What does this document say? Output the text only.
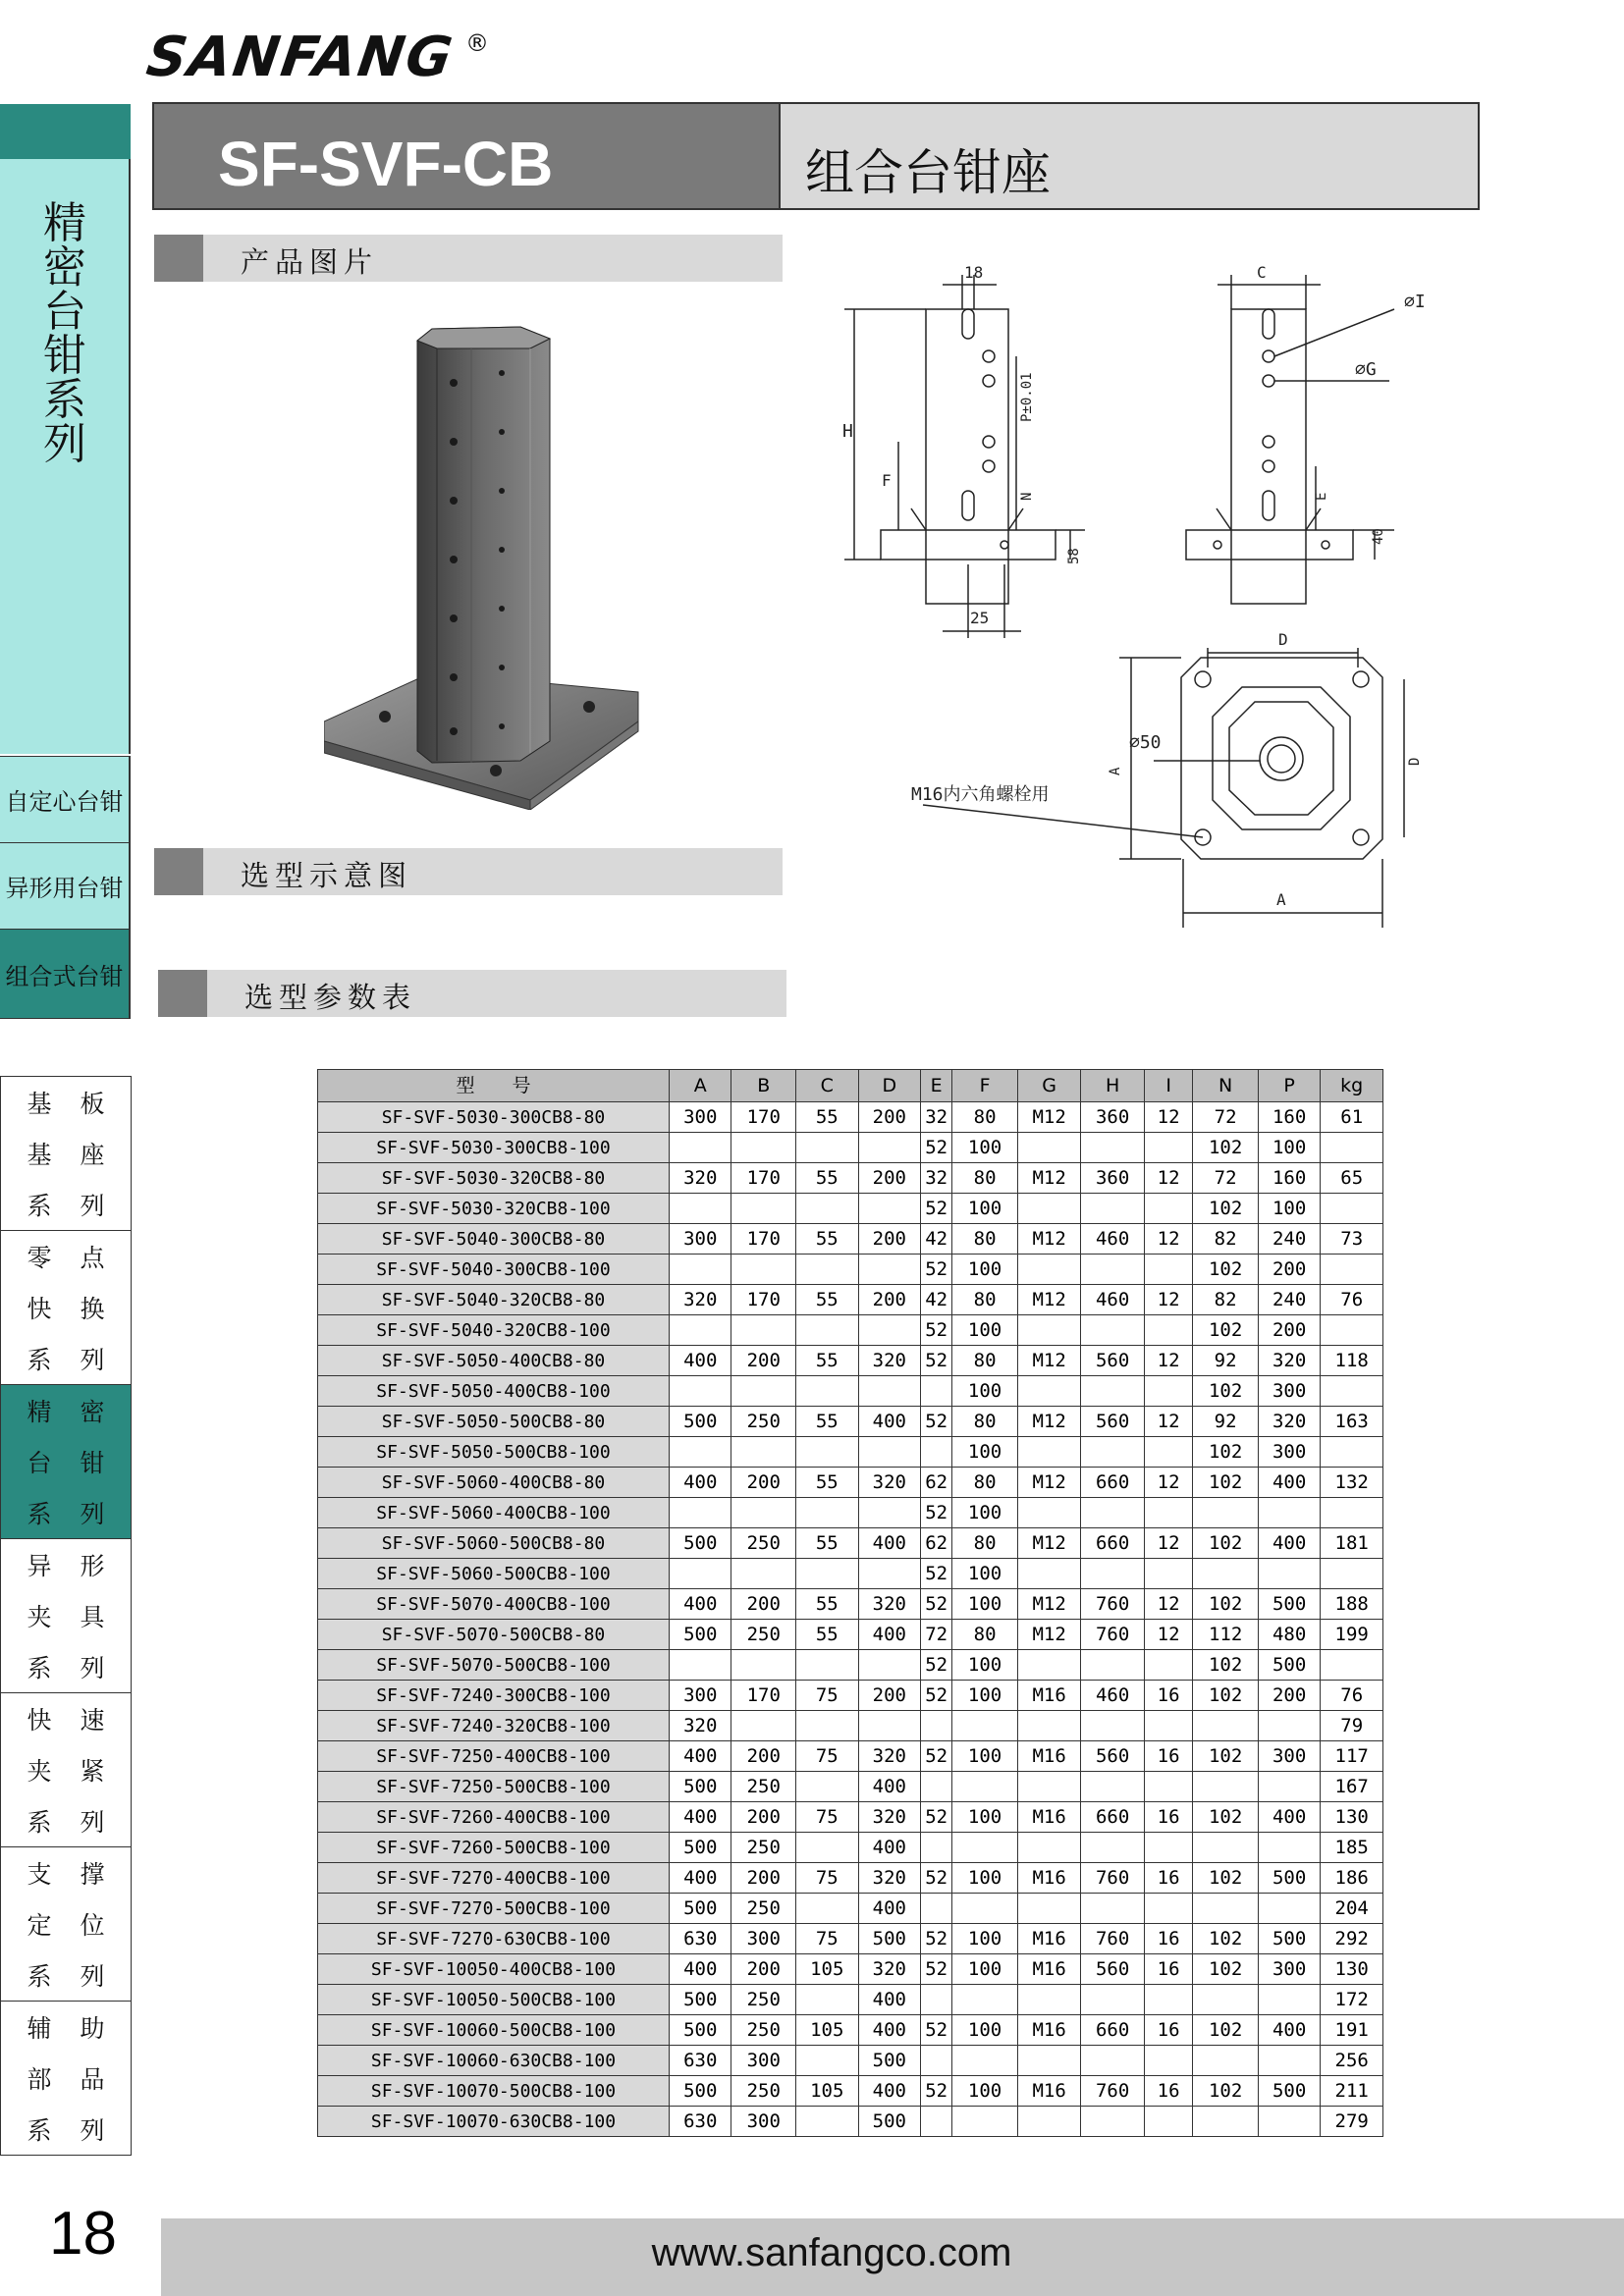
SANFANG ®
SF-SVF-CB	组合台钳座
精
密
台
钳
系
列
自定心台钳
异形用台钳
组合式台钳
产品图片
选型示意图
选型参数表
H
F
18
P±0.01
N
58
25
C
∅I
∅G
E
40
D
D
A
A
∅50
M16内六角螺栓用
基 板
基 座
系 列
零 点
快 换
系 列
精 密
台 钳
系 列
异 形
夹 具
系 列
快 速
夹 紧
系 列
支 撑
定 位
系 列
辅 助
部 品
系 列
型　　号	A	B	C	D	E	F	G	H	I	N	P	kg
SF-SVF-5030-300CB8-80	300	170	55	200	32	80	M12	360	12	72	160	61
SF-SVF-5030-300CB8-100					52	100				102	100	
SF-SVF-5030-320CB8-80	320	170	55	200	32	80	M12	360	12	72	160	65
SF-SVF-5030-320CB8-100					52	100				102	100	
SF-SVF-5040-300CB8-80	300	170	55	200	42	80	M12	460	12	82	240	73
SF-SVF-5040-300CB8-100					52	100				102	200	
SF-SVF-5040-320CB8-80	320	170	55	200	42	80	M12	460	12	82	240	76
SF-SVF-5040-320CB8-100					52	100				102	200	
SF-SVF-5050-400CB8-80	400	200	55	320	52	80	M12	560	12	92	320	118
SF-SVF-5050-400CB8-100						100				102	300	
SF-SVF-5050-500CB8-80	500	250	55	400	52	80	M12	560	12	92	320	163
SF-SVF-5050-500CB8-100						100				102	300	
SF-SVF-5060-400CB8-80	400	200	55	320	62	80	M12	660	12	102	400	132
SF-SVF-5060-400CB8-100					52	100						
SF-SVF-5060-500CB8-80	500	250	55	400	62	80	M12	660	12	102	400	181
SF-SVF-5060-500CB8-100					52	100						
SF-SVF-5070-400CB8-100	400	200	55	320	52	100	M12	760	12	102	500	188
SF-SVF-5070-500CB8-80	500	250	55	400	72	80	M12	760	12	112	480	199
SF-SVF-5070-500CB8-100					52	100				102	500	
SF-SVF-7240-300CB8-100	300	170	75	200	52	100	M16	460	16	102	200	76
SF-SVF-7240-320CB8-100	320											79
SF-SVF-7250-400CB8-100	400	200	75	320	52	100	M16	560	16	102	300	117
SF-SVF-7250-500CB8-100	500	250		400								167
SF-SVF-7260-400CB8-100	400	200	75	320	52	100	M16	660	16	102	400	130
SF-SVF-7260-500CB8-100	500	250		400								185
SF-SVF-7270-400CB8-100	400	200	75	320	52	100	M16	760	16	102	500	186
SF-SVF-7270-500CB8-100	500	250		400								204
SF-SVF-7270-630CB8-100	630	300	75	500	52	100	M16	760	16	102	500	292
SF-SVF-10050-400CB8-100	400	200	105	320	52	100	M16	560	16	102	300	130
SF-SVF-10050-500CB8-100	500	250		400								172
SF-SVF-10060-500CB8-100	500	250	105	400	52	100	M16	660	16	102	400	191
SF-SVF-10060-630CB8-100	630	300		500								256
SF-SVF-10070-500CB8-100	500	250	105	400	52	100	M16	760	16	102	500	211
SF-SVF-10070-630CB8-100	630	300		500								279
18	www.sanfangco.com
